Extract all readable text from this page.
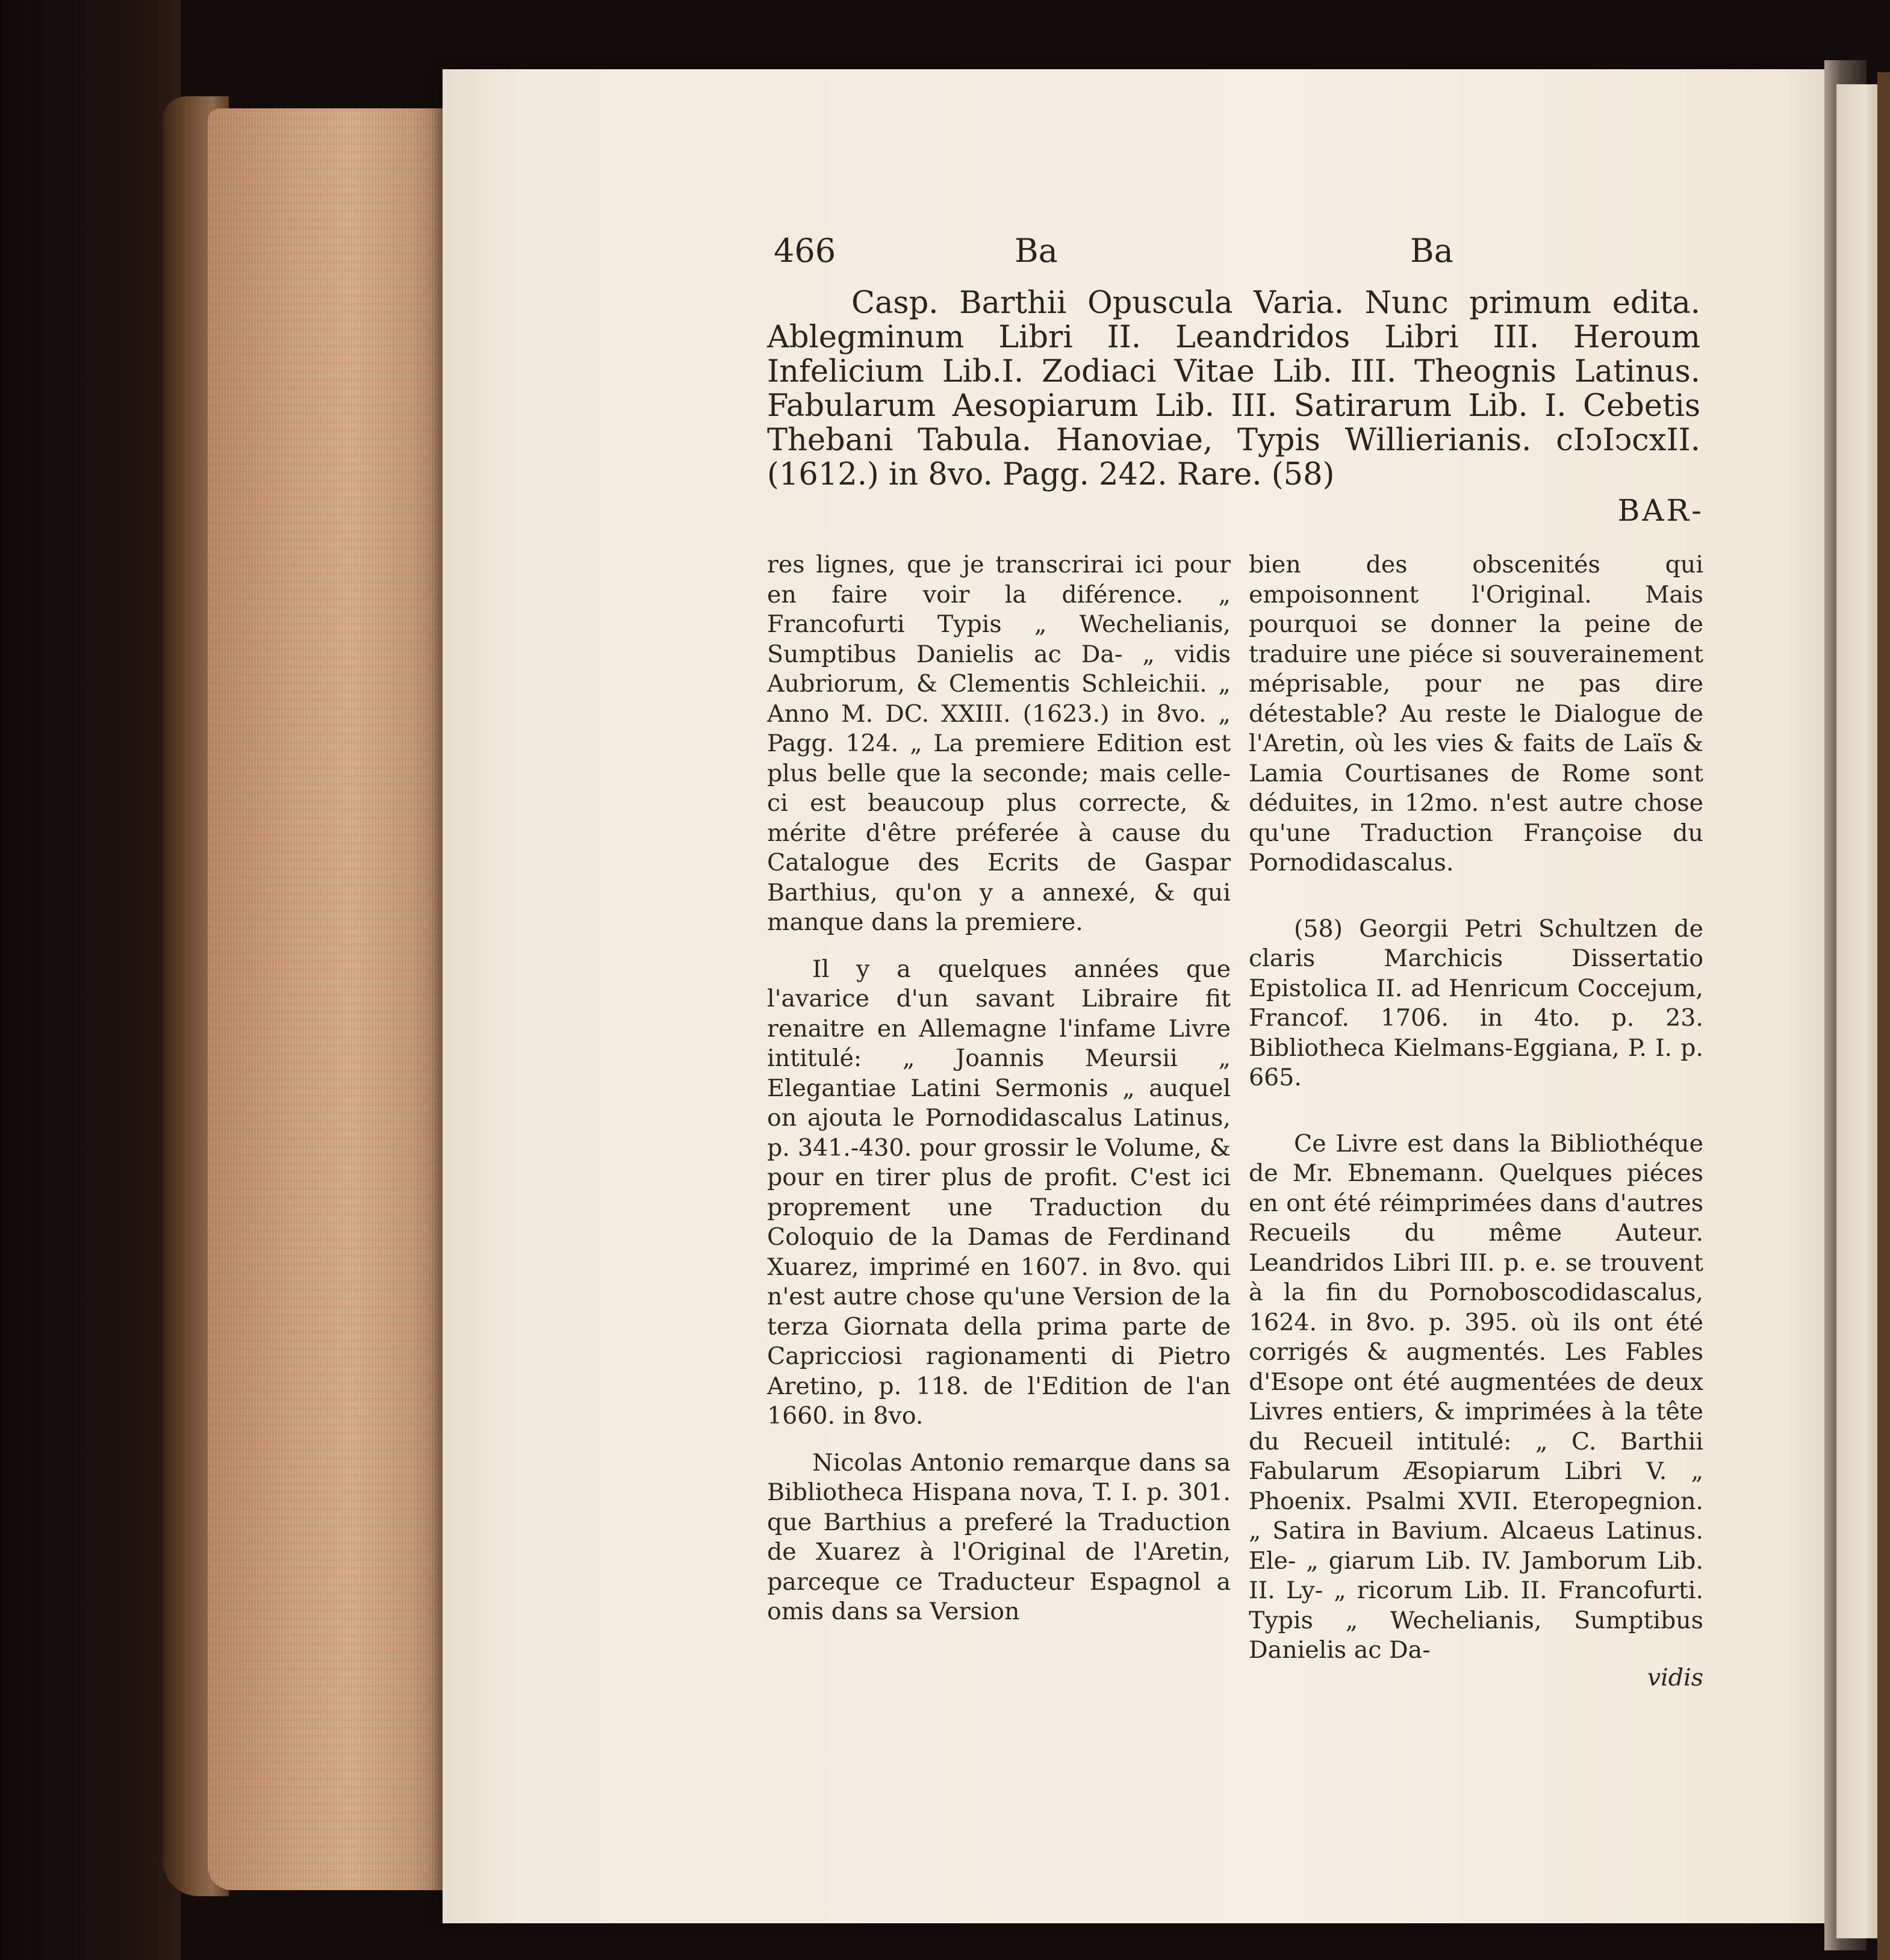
466	Ba	Ba

Casp. Barthii Opuscula Varia. Nunc primum edita. Ablegminum Libri II. Leandridos Libri III. Heroum Infelicium Lib.I. Zodiaci Vitae Lib. III. Theognis Latinus. Fabularum Aesopiarum Lib. III. Satirarum Lib. I. Cebetis Thebani Tabula. Hanoviae, Typis Willierianis. cIↄIↄcxII. (1612.) in 8vo. Pagg. 242. Rare. (58)

BAR-

res lignes, que je transcrirai ici pour en faire voir la diférence. „ Francofurti Typis „ Wechelianis, Sumptibus Danielis ac Da- „ vidis Aubriorum, & Clementis Schleichii. „ Anno M. DC. XXIII. (1623.) in 8vo. „ Pagg. 124. „ La premiere Edition est plus belle que la seconde; mais celle-ci est beaucoup plus correcte, & mérite d'être préferée à cause du Catalogue des Ecrits de Gaspar Barthius, qu'on y a annexé, & qui manque dans la premiere.

Il y a quelques années que l'avarice d'un savant Libraire fit renaitre en Allemagne l'infame Livre intitulé: „ Joannis Meursii „ Elegantiae Latini Sermonis „ auquel on ajouta le Pornodidascalus Latinus, p. 341.-430. pour grossir le Volume, & pour en tirer plus de profit. C'est ici proprement une Traduction du Coloquio de la Damas de Ferdinand Xuarez, imprimé en 1607. in 8vo. qui n'est autre chose qu'une Version de la terza Giornata della prima parte de Capricciosi ragionamenti di Pietro Aretino, p. 118. de l'Edition de l'an 1660. in 8vo.

Nicolas Antonio remarque dans sa Bibliotheca Hispana nova, T. I. p. 301. que Barthius a preferé la Traduction de Xuarez à l'Original de l'Aretin, parceque ce Traducteur Espagnol a omis dans sa Version

bien des obscenités qui empoisonnent l'Original. Mais pourquoi se donner la peine de traduire une piéce si souverainement méprisable, pour ne pas dire détestable? Au reste le Dialogue de l'Aretin, où les vies & faits de Laïs & Lamia Courtisanes de Rome sont déduites, in 12mo. n'est autre chose qu'une Traduction Françoise du Pornodidascalus.

(58) Georgii Petri Schultzen de claris Marchicis Dissertatio Epistolica II. ad Henricum Coccejum, Francof. 1706. in 4to. p. 23. Bibliotheca Kielmans-Eggiana, P. I. p. 665.

Ce Livre est dans la Bibliothéque de Mr. Ebnemann. Quelques piéces en ont été réimprimées dans d'autres Recueils du même Auteur. Leandridos Libri III. p. e. se trouvent à la fin du Pornoboscodidascalus, 1624. in 8vo. p. 395. où ils ont été corrigés & augmentés. Les Fables d'Esope ont été augmentées de deux Livres entiers, & imprimées à la tête du Recueil intitulé: „ C. Barthii Fabularum Æsopiarum Libri V. „ Phoenix. Psalmi XVII. Eteropegnion. „ Satira in Bavium. Alcaeus Latinus. Ele- „ giarum Lib. IV. Jamborum Lib. II. Ly- „ ricorum Lib. II. Francofurti. Typis „ Wechelianis, Sumptibus Danielis ac Da-

vidis
